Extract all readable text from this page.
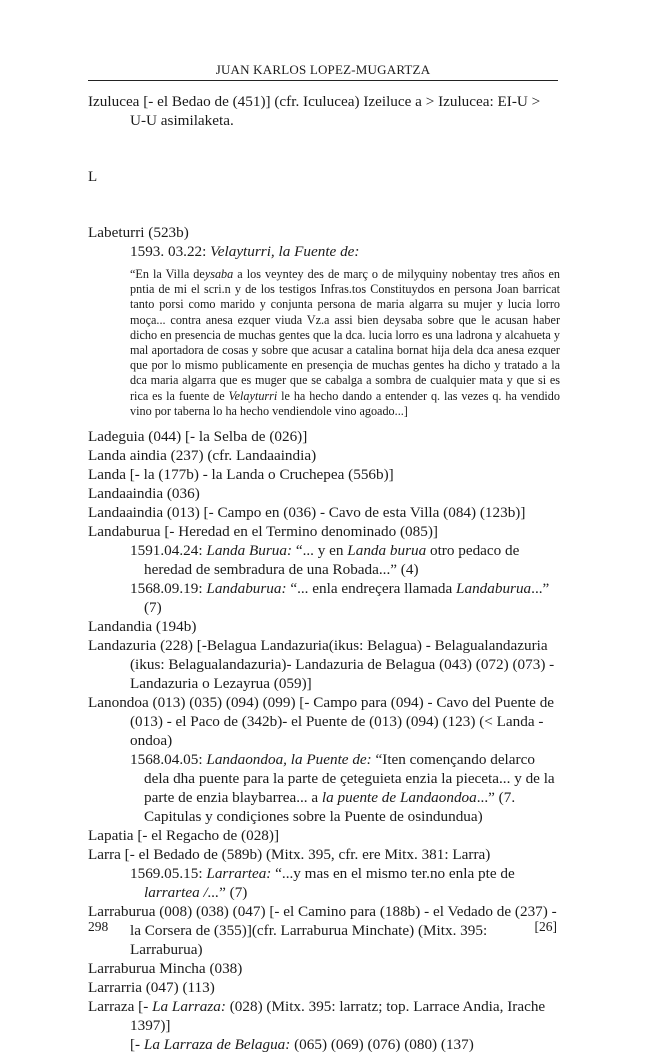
JUAN KARLOS LOPEZ-MUGARTZA

Izulucea [- el Bedao de (451)] (cfr. Iculucea) Izeiluce a > Izulucea: EI-U > U-U asimilaketa.

L

Labeturri (523b)

1593. 03.22: Velayturri, la Fuente de:

“En la Villa deysaba a los veyntey des de març o de milyquiny nobentay tres años en pntia de mi el scri.n y de los testigos Infras.tos Constituydos en persona Joan barricat tanto porsi como marido y conjunta persona de maria algarra su mujer y lucia lorro moça... contra anesa ezquer viuda Vz.a assi bien deysaba sobre que le acusan haber dicho en presencia de muchas gentes que la dca. lucia lorro es una ladrona y alcahueta y mal aportadora de cosas y sobre que acusar a catalina bornat hija dela dca anesa ezquer que por lo mismo publicamente en presençia de muchas gentes ha dicho y tratado a la dca maria algarra que es muger que se cabalga a sombra de cualquier mata y que si es rica es la fuente de Velayturri le ha hecho dando a entender q. las vezes q. ha vendido vino por taberna lo ha hecho vendiendole vino agoado...]

Ladeguia (044) [- la Selba de (026)]

Landa aindia (237) (cfr. Landaaindia)

Landa [- la (177b) - la Landa o Cruchepea (556b)]

Landaaindia (036)

Landaaindia (013) [- Campo en (036) - Cavo de esta Villa (084) (123b)]

Landaburua [- Heredad en el Termino denominado (085)]

1591.04.24: Landa Burua: “... y en Landa burua otro pedaco de heredad de sembradura de una Robada...” (4)

1568.09.19: Landaburua: “... enla endreçera llamada Landaburua...” (7)

Landandia (194b)

Landazuria (228) [-Belagua Landazuria(ikus: Belagua) - Belagualandazuria (ikus: Belagualandazuria)- Landazuria de Belagua (043) (072) (073) - Landazuria o Lezayrua (059)]

Lanondoa (013) (035) (094) (099) [- Campo para (094) - Cavo del Puente de (013) - el Paco de (342b)- el Puente de (013) (094) (123) (< Landa -ondoa)

1568.04.05: Landaondoa, la Puente de: “Iten començando delarco dela dha puente para la parte de çeteguieta enzia la pieceta... y de la parte de enzia blaybarrea... a la puente de Landaondoa...” (7. Capitulas y condiçiones sobre la Puente de osindundua)

Lapatia [- el Regacho de (028)]

Larra [- el Bedado de (589b) (Mitx. 395, cfr. ere Mitx. 381: Larra)

1569.05.15: Larrartea: “...y mas en el mismo ter.no enla pte de larrartea /...” (7)

Larraburua (008) (038) (047) [- el Camino para (188b) - el Vedado de (237) - la Corsera de (355)](cfr. Larraburua Minchate) (Mitx. 395: Larraburua)

Larraburua Mincha (038)

Larrarria (047) (113)

Larraza [- La Larraza: (028) (Mitx. 395: larratz; top. Larrace Andia, Irache 1397)]

[- La Larraza de Belagua: (065) (069) (076) (080) (137)

298	[26]
